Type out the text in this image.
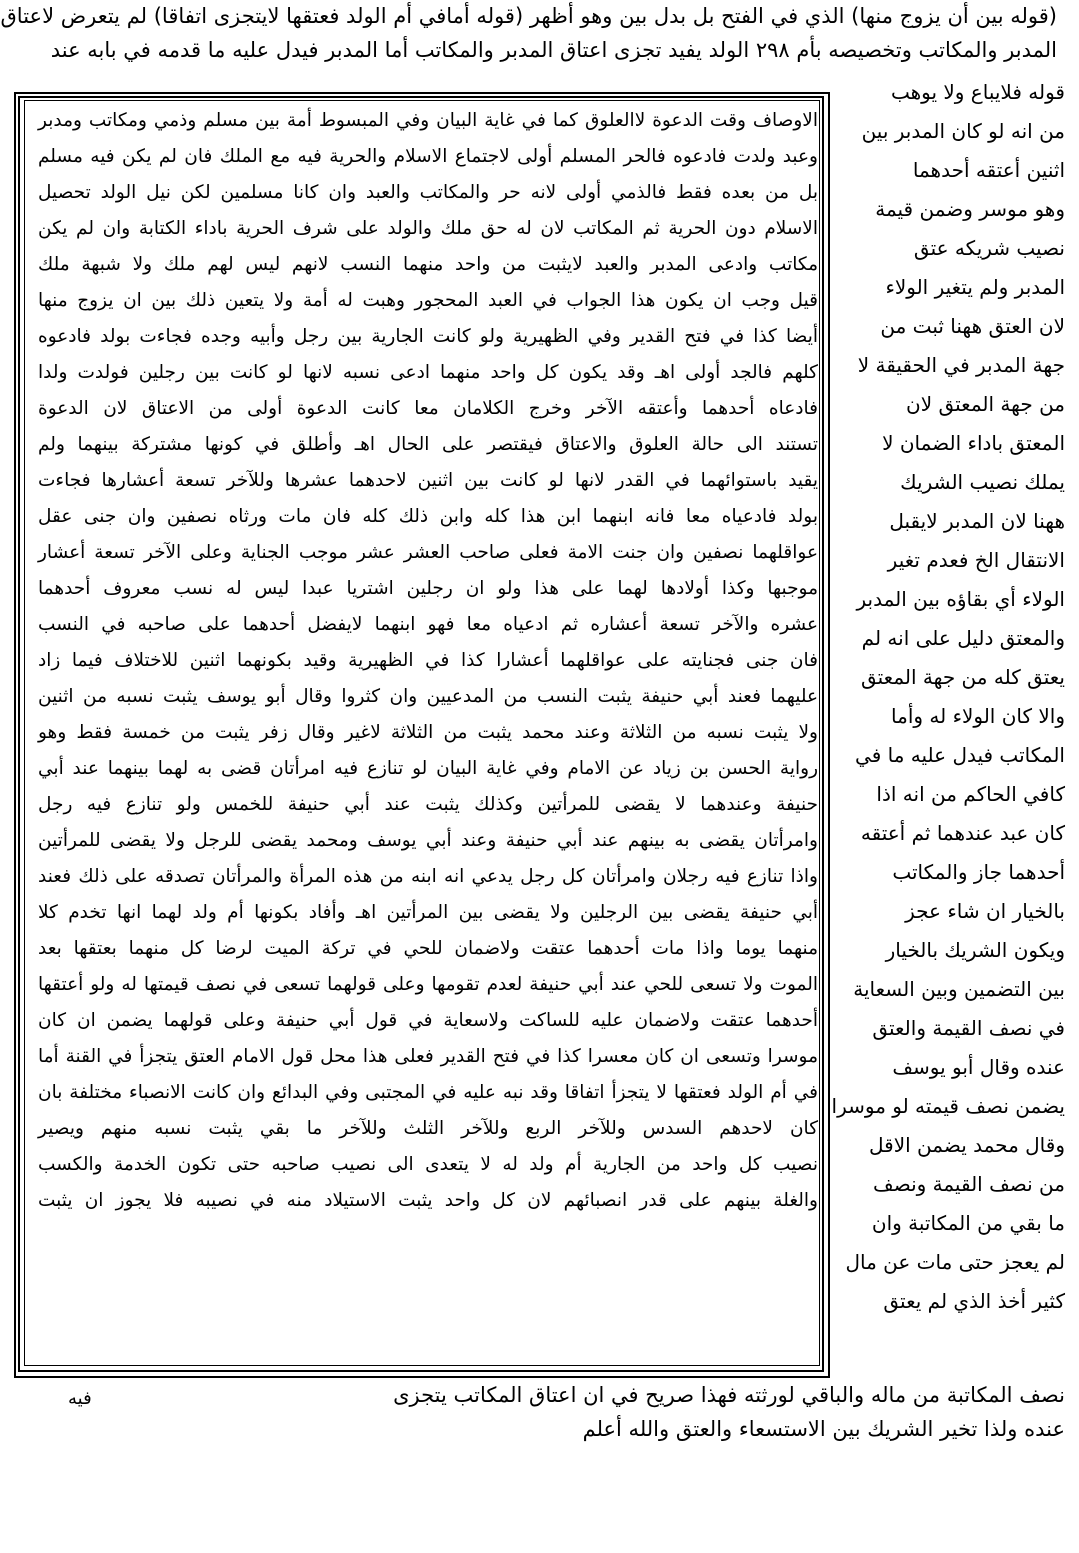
(قوله بين أن يزوج منها) الذي في الفتح بل بدل بين وهو أظهر (قوله أمافي أم الولد فعتقها لايتجزى اتفاقا) لم يتعرض لاعتاق
المدبر والمكاتب وتخصيصه بأم ٢٩٨ الولد يفيد تجزى اعتاق المدبر والمكاتب أما المدبر فيدل عليه ما قدمه في بابه عند
قوله فلايباع ولا يوهب
من انه لو كان المدبر بين
اثنين أعتقه أحدهما
وهو موسر وضمن قيمة
نصيب شريكه عتق
المدبر ولم يتغير الولاء
لان العتق ههنا ثبت من
جهة المدبر في الحقيقة لا
من جهة المعتق لان
المعتق باداء الضمان لا
يملك نصيب الشريك
ههنا لان المدبر لايقبل
الانتقال الخ فعدم تغير
الولاء أي بقاؤه بين المدبر
والمعتق دليل على انه لم
يعتق كله من جهة المعتق
والا كان الولاء له وأما
المكاتب فيدل عليه ما في
كافي الحاكم من انه اذا
كان عبد عندهما ثم أعتقه
أحدهما جاز والمكاتب
بالخيار ان شاء عجز
ويكون الشريك بالخيار
بين التضمين وبين السعاية
في نصف القيمة والعتق
عنده وقال أبو يوسف
يضمن نصف قيمته لو موسرا
وقال محمد يضمن الاقل
من نصف القيمة ونصف
ما بقي من المكاتبة وان
لم يعجز حتى مات عن مال
كثير أخذ الذي لم يعتق
الاوصاف وقت الدعوة لاالعلوق كما في غاية البيان وفي المبسوط أمة بين مسلم وذمي ومكاتب ومدبر
وعبد ولدت فادعوه فالحر المسلم أولى لاجتماع الاسلام والحرية فيه مع الملك فان لم يكن فيه مسلم
بل من بعده فقط فالذمي أولى لانه حر والمكاتب والعبد وان كانا مسلمين لكن نيل الولد تحصيل
الاسلام دون الحرية ثم المكاتب لان له حق ملك والولد على شرف الحرية باداء الكتابة وان لم يكن
مكاتب وادعى المدبر والعبد لايثبت من واحد منهما النسب لانهم ليس لهم ملك ولا شبهة ملك
قيل وجب ان يكون هذا الجواب في العبد المحجور وهبت له أمة ولا يتعين ذلك بين ان يزوج منها
أيضا كذا في فتح القدير وفي الظهيرية ولو كانت الجارية بين رجل وأبيه وجده فجاءت بولد فادعوه
كلهم فالجد أولى اهـ وقد يكون كل واحد منهما ادعى نسبه لانها لو كانت بين رجلين فولدت ولدا
فادعاه أحدهما وأعتقه الآخر وخرج الكلامان معا كانت الدعوة أولى من الاعتاق لان الدعوة
تستند الى حالة العلوق والاعتاق فيقتصر على الحال اهـ وأطلق في كونها مشتركة بينهما ولم
يقيد باستوائهما في القدر لانها لو كانت بين اثنين لاحدهما عشرها وللآخر تسعة أعشارها فجاءت
بولد فادعياه معا فانه ابنهما ابن هذا كله وابن ذلك كله فان مات ورثاه نصفين وان جنى عقل
عواقلهما نصفين وان جنت الامة فعلى صاحب العشر عشر موجب الجناية وعلى الآخر تسعة أعشار
موجبها وكذا أولادها لهما على هذا ولو ان رجلين اشتريا عبدا ليس له نسب معروف أحدهما
عشره والآخر تسعة أعشاره ثم ادعياه معا فهو ابنهما لايفضل أحدهما على صاحبه في النسب
فان جنى فجنايته على عواقلهما أعشارا كذا في الظهيرية وقيد بكونهما اثنين للاختلاف فيما زاد
عليهما فعند أبي حنيفة يثبت النسب من المدعيين وان كثروا وقال أبو يوسف يثبت نسبه من اثنين
ولا يثبت نسبه من الثلاثة وعند محمد يثبت من الثلاثة لاغير وقال زفر يثبت من خمسة فقط وهو
رواية الحسن بن زياد عن الامام وفي غاية البيان لو تنازع فيه امرأتان قضى به لهما بينهما عند أبي
حنيفة وعندهما لا يقضى للمرأتين وكذلك يثبت عند أبي حنيفة للخمس ولو تنازع فيه رجل
وامرأتان يقضى به بينهم عند أبي حنيفة وعند أبي يوسف ومحمد يقضى للرجل ولا يقضى للمرأتين
واذا تنازع فيه رجلان وامرأتان كل رجل يدعي انه ابنه من هذه المرأة والمرأتان تصدقه على ذلك فعند
أبي حنيفة يقضى بين الرجلين ولا يقضى بين المرأتين اهـ وأفاد بكونها أم ولد لهما انها تخدم كلا
منهما يوما واذا مات أحدهما عتقت ولاضمان للحي في تركة الميت لرضا كل منهما بعتقها بعد
الموت ولا تسعى للحي عند أبي حنيفة لعدم تقومها وعلى قولهما تسعى في نصف قيمتها له ولو أعتقها
أحدهما عتقت ولاضمان عليه للساكت ولاسعاية في قول أبي حنيفة وعلى قولهما يضمن ان كان
موسرا وتسعى ان كان معسرا كذا في فتح القدير فعلى هذا محل قول الامام العتق يتجزأ في القنة أما
في أم الولد فعتقها لا يتجزأ اتفاقا وقد نبه عليه في المجتبى وفي البدائع وان كانت الانصباء مختلفة بان
كان لاحدهم السدس وللآخر الربع وللآخر الثلث وللآخر ما بقي يثبت نسبه منهم ويصير
نصيب كل واحد من الجارية أم ولد له لا يتعدى الى نصيب صاحبه حتى تكون الخدمة والكسب
والغلة بينهم على قدر انصبائهم لان كل واحد يثبت الاستيلاد منه في نصيبه فلا يجوز ان يثبت
نصف المكاتبة من ماله والباقي لورثته فهذا صريح في ان اعتاق المكاتب يتجزى
عنده ولذا تخير الشريك بين الاستسعاء والعتق والله أعلم
فيه
